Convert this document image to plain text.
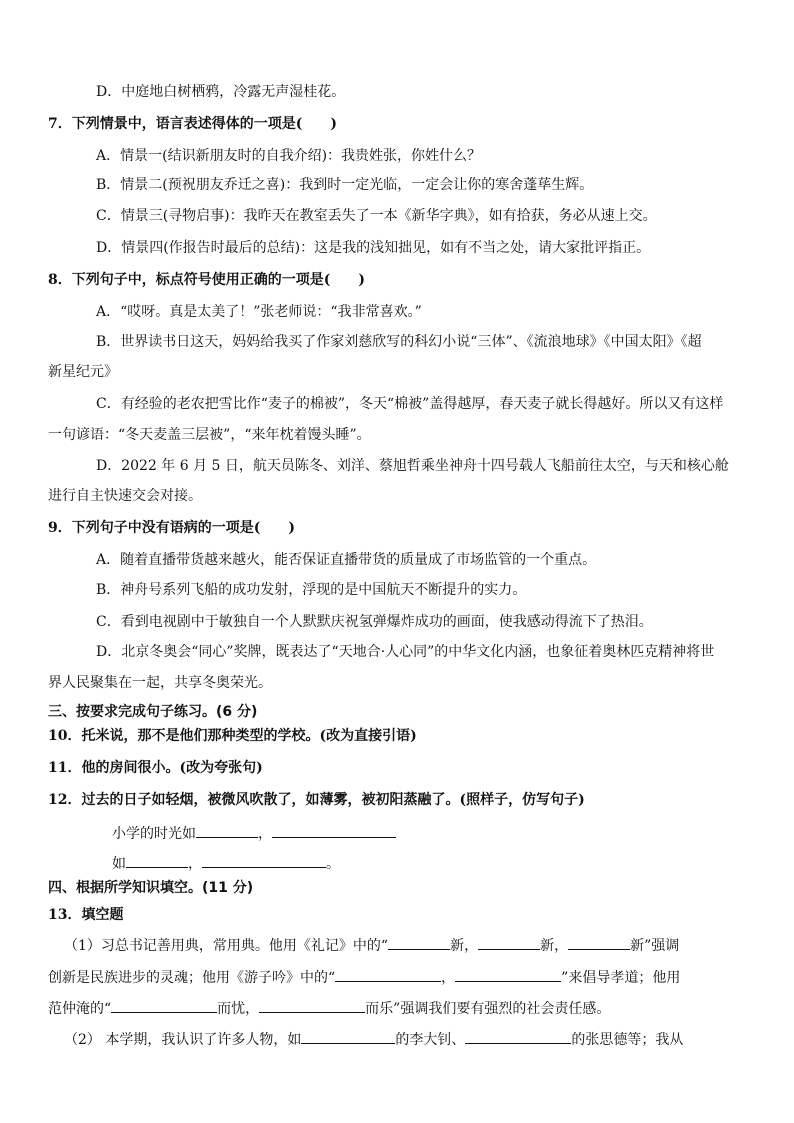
D．中庭地白树栖鸦，冷露无声湿桂花。
7．下列情景中，语言表述得体的一项是(　　)
A．情景一(结识新朋友时的自我介绍)：我贵姓张，你姓什么？
B．情景二(预祝朋友乔迁之喜)：我到时一定光临，一定会让你的寒舍蓬荜生辉。
C．情景三(寻物启事)：我昨天在教室丢失了一本《新华字典》，如有拾获，务必从速上交。
D．情景四(作报告时最后的总结)：这是我的浅知拙见，如有不当之处，请大家批评指正。
8．下列句子中，标点符号使用正确的一项是(　　)
A．“哎呀。真是太美了！”张老师说：“我非常喜欢。”
B．世界读书日这天，妈妈给我买了作家刘慈欣写的科幻小说“三体”、《流浪地球》《中国太阳》《超
新星纪元》
C．有经验的老农把雪比作“麦子的棉被”，冬天“棉被”盖得越厚，春天麦子就长得越好。所以又有这样
一句谚语：“冬天麦盖三层被”，“来年枕着馒头睡”。
D．2022 年 6 月 5 日，航天员陈冬、刘洋、蔡旭哲乘坐神舟十四号载人飞船前往太空，与天和核心舱
进行自主快速交会对接。
9．下列句子中没有语病的一项是(　　)
A．随着直播带货越来越火，能否保证直播带货的质量成了市场监管的一个重点。
B．神舟号系列飞船的成功发射，浮现的是中国航天不断提升的实力。
C．看到电视剧中于敏独自一个人默默庆祝氢弹爆炸成功的画面，使我感动得流下了热泪。
D．北京冬奥会“同心”奖牌，既表达了“天地合·人心同”的中华文化内涵，也象征着奥林匹克精神将世
界人民聚集在一起，共享冬奥荣光。
三、按要求完成句子练习。(6 分)
10．托米说，那不是他们那种类型的学校。(改为直接引语)
11．他的房间很小。(改为夸张句)
12．过去的日子如轻烟，被微风吹散了，如薄雾，被初阳蒸融了。(照样子，仿写句子)
小学的时光如	，
如	，	。
四、根据所学知识填空。(11 分)
13．填空题
（1）习总书记善用典，常用典。他用《礼记》中的“	新，	新，	新”强调
创新是民族进步的灵魂；他用《游子吟》中的“	，	”来倡导孝道；他用
范仲淹的“	而忧，	而乐”强调我们要有强烈的社会责任感。
（2） 本学期，我认识了许多人物，如	的李大钊、	的张思德等；我从
